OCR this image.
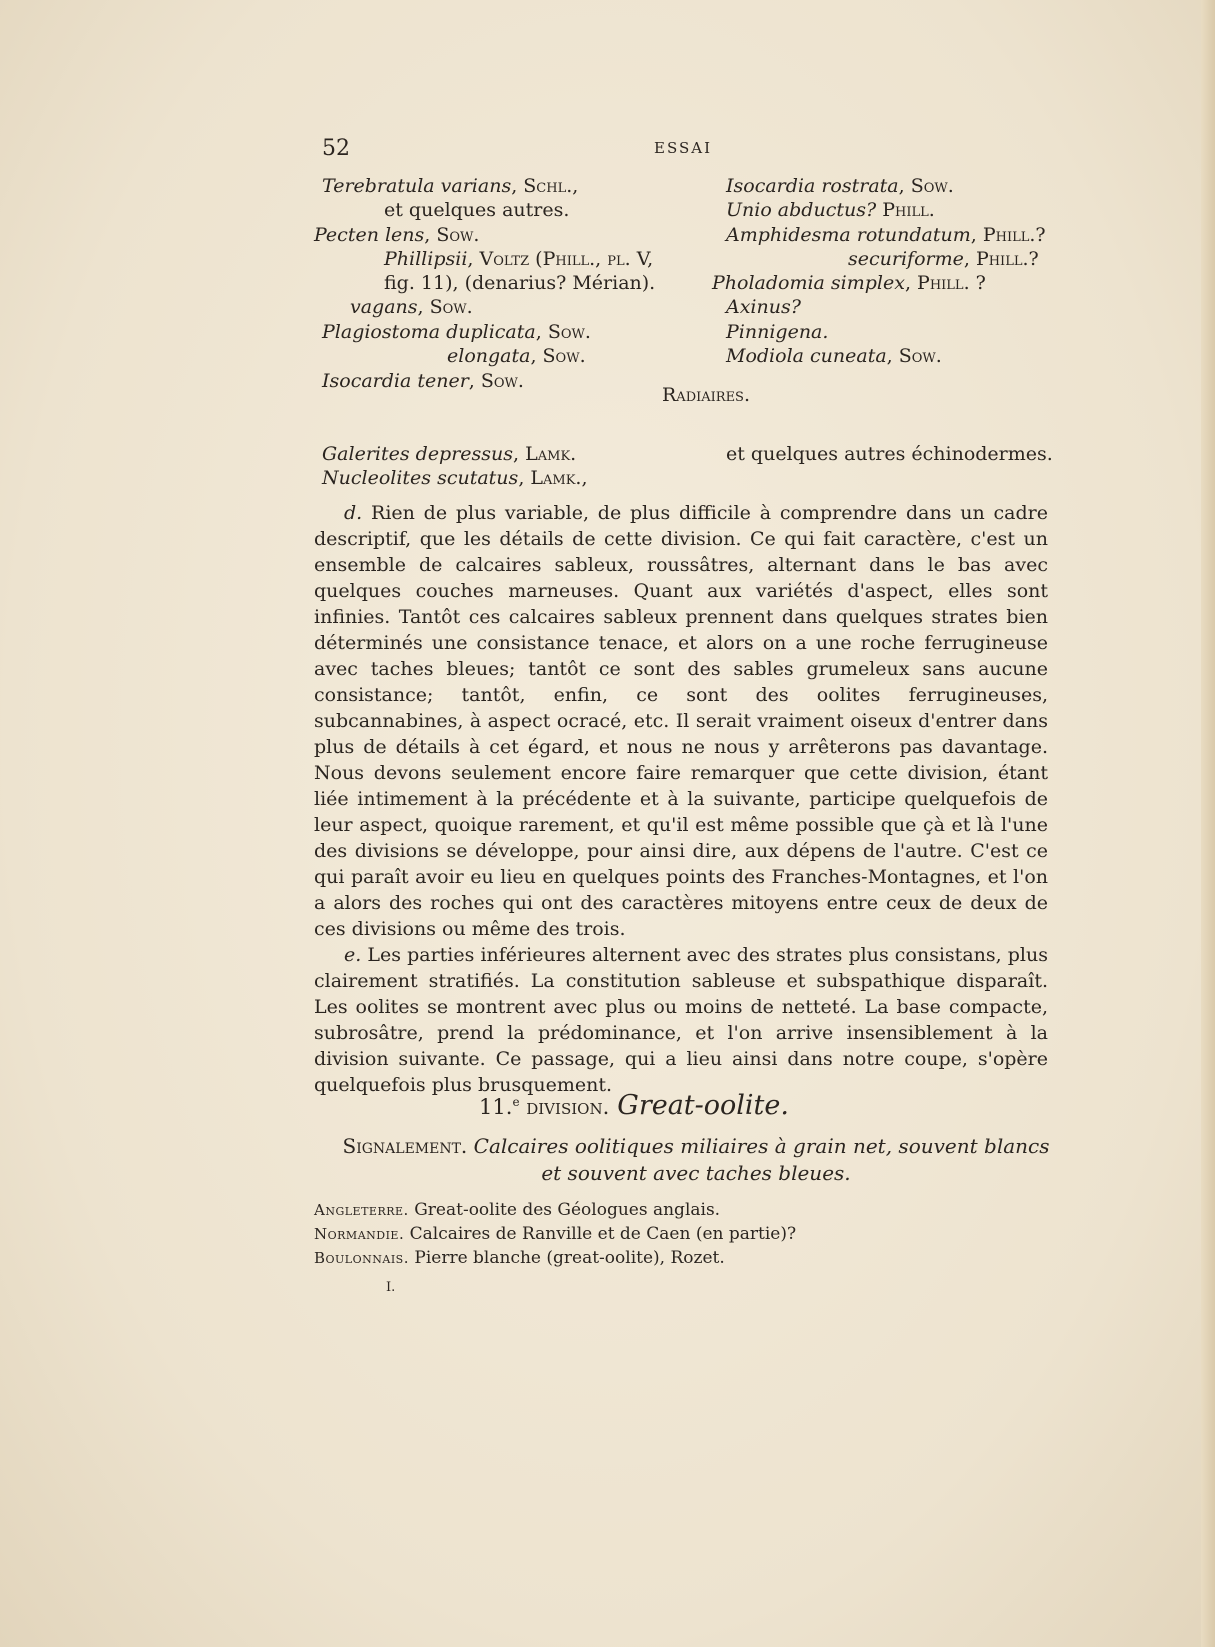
52	ESSAI
Terebratula varians, Schl.,
et quelques autres.
Pecten lens, Sow.
Phillipsii, Voltz (Phill., pl. V,
fig. 11), (denarius? Mérian).
vagans, Sow.
Plagiostoma duplicata, Sow.
elongata, Sow.
Isocardia tener, Sow.
Isocardia rostrata, Sow.
Unio abductus? Phill.
Amphidesma rotundatum, Phill.?
securiforme, Phill.?
Pholadomia simplex, Phill. ?
Axinus?
Pinnigena.
Modiola cuneata, Sow.
Radiaires.
Galerites depressus, Lamk.
Nucleolites scutatus, Lamk.,
et quelques autres échinodermes.

d. Rien de plus variable, de plus difficile à comprendre dans un cadre descriptif, que les détails de cette division. Ce qui fait caractère, c'est un ensemble de calcaires sableux, roussâtres, alternant dans le bas avec quelques couches marneuses. Quant aux variétés d'aspect, elles sont infinies. Tantôt ces calcaires sableux prennent dans quelques strates bien déterminés une consistance tenace, et alors on a une roche ferrugineuse avec taches bleues; tantôt ce sont des sables grumeleux sans aucune consistance; tantôt, enfin, ce sont des oolites ferrugineuses, subcannabines, à aspect ocracé, etc. Il serait vraiment oiseux d'entrer dans plus de détails à cet égard, et nous ne nous y arrêterons pas davantage. Nous devons seulement encore faire remarquer que cette division, étant liée intimement à la précédente et à la suivante, participe quelquefois de leur aspect, quoique rarement, et qu'il est même possible que çà et là l'une des divisions se développe, pour ainsi dire, aux dépens de l'autre. C'est ce qui paraît avoir eu lieu en quelques points des Franches-Montagnes, et l'on a alors des roches qui ont des caractères mitoyens entre ceux de deux de ces divisions ou même des trois.

e. Les parties inférieures alternent avec des strates plus consistans, plus clairement stratifiés. La constitution sableuse et subspathique disparaît. Les oolites se montrent avec plus ou moins de netteté. La base compacte, subrosâtre, prend la prédominance, et l'on arrive insensiblement à la division suivante. Ce passage, qui a lieu ainsi dans notre coupe, s'opère quelquefois plus brusquement.

11.$^e$ division. Great-oolite.
Signalement. Calcaires oolitiques miliaires à grain net, souvent blancs et souvent avec taches bleues.
Angleterre. Great-oolite des Géologues anglais.
Normandie. Calcaires de Ranville et de Caen (en partie)?
Boulonnais. Pierre blanche (great-oolite), Rozet.
I.
